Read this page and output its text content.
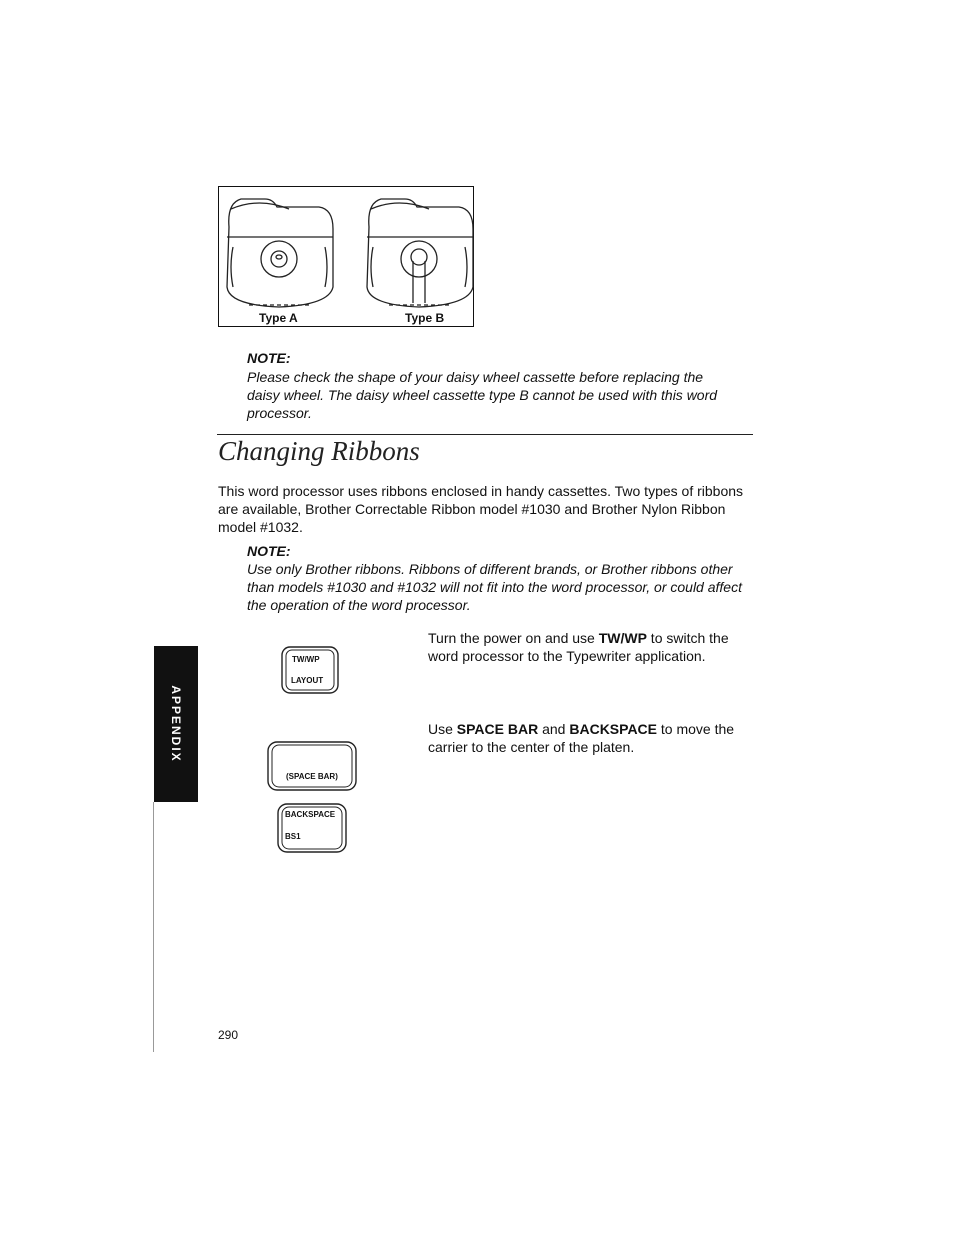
Type A	Type B
NOTE:
Please check the shape of your daisy wheel cassette before replacing the
daisy wheel. The daisy wheel cassette type B cannot be used with this word
processor.
Changing Ribbons
This word processor uses ribbons enclosed in handy cassettes. Two types of ribbons
are available, Brother Correctable Ribbon model #1030 and Brother Nylon Ribbon
model #1032.
NOTE:
Use only Brother ribbons. Ribbons of different brands, or Brother ribbons other
than models #1030 and #1032 will not fit into the word processor, or could affect
the operation of the word processor.
APPENDIX
TW/WP
LAYOUT
Turn the power on and use TW/WP to switch the
word processor to the Typewriter application.
(SPACE BAR)
BACKSPACE
BS1
Use SPACE BAR and BACKSPACE to move the
carrier to the center of the platen.
290
